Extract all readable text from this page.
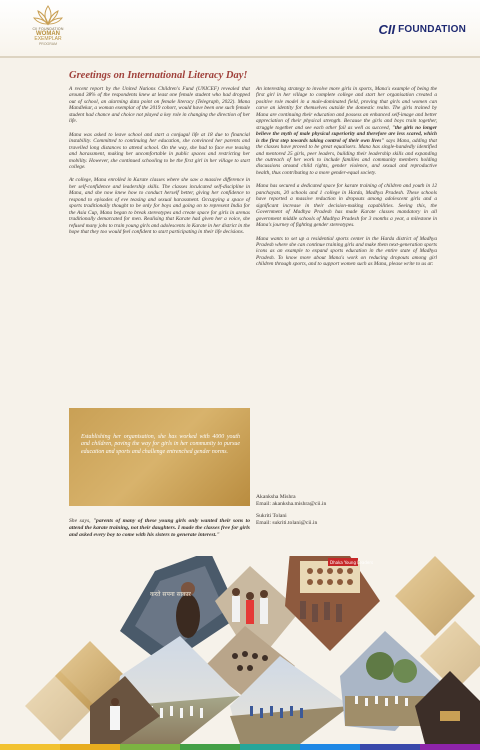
CII FOUNDATION
WOMAN
EXEMPLAR
PROGRAM
CII FOUNDATION
Greetings on International Literacy Day!

A recent report by the United Nations Children's Fund (UNICEF) revealed that around 38% of the respondents knew at least one female student who had dropped out of school, an alarming data point on female literacy (Telegraph, 2022). Mana Mandlekar, a woman exemplar of the 2019 cohort, would have been one such female student had chance and choice not played a key role in changing the direction of her life.

Mana was asked to leave school and start a conjugal life at 18 due to financial instability. Committed to continuing her education, she convinced her parents and travelled long distances to attend school. On the way, she had to face eve teasing and harassment, making her uncomfortable in public spaces and restricting her mobility. However, she continued schooling to be the first girl in her village to start college.

At college, Mana enrolled in Karate classes where she saw a massive difference in her self-confidence and leadership skills. The classes inculcated self-discipline in Mana, and she now knew how to conduct herself better, giving her confidence to respond to episodes of eve teasing and sexual harassment. Occupying a space of sports traditionally thought to be only for boys and going on to represent India for the Asia Cup, Mana began to break stereotypes and create space for girls in arenas traditionally demarcated for men. Realising that Karate had given her a voice, she refused many jobs to train young girls and adolescents in Karate in her district in the hope that they too would feel confident to start participating in their life decisions.

Establishing her organisation, she has worked with 4000 youth and children, paving the way for girls in her community to pursue education and sports and challenge entrenched gender norms.
She says, "parents of many of these young girls only wanted their sons to attend the karate training, not their daughters. I made the classes free for girls and asked every boy to come with his sisters to generate interest."

An interesting strategy to involve more girls in sports, Mana's example of being the first girl in her village to complete college and start her organisation created a positive role model in a male-dominated field, proving that girls and women can carve an identity for themselves outside the domestic realm. The girls trained by Mana are continuing their education and possess an enhanced self-image and better appreciation of their physical strength. Because the girls and boys train together, struggle together and see each other fail as well as succeed, "the girls no longer believe the myth of male physical superiority and therefore are less scared, which is the first step towards taking control of their own lives" says Mana, adding that the classes have proved to be great equalisers. Mana has single-handedly identified and mentored 25 girls, peer leaders, building their leadership skills and expanding the outreach of her work to include families and community members holding discussions around child rights, gender violence, and sexual and reproductive health, thus contributing to a more gender-equal society.

Mana has secured a dedicated space for karate training of children and youth in 12 panchayats, 20 schools and 1 college in Harda, Madhya Pradesh. These schools have reported a massive reduction in dropouts among adolescent girls and a significant increase in their decision-making capabilities. Seeing this, the Government of Madhya Pradesh has made Karate classes mandatory in all government middle schools of Madhya Pradesh for 3 months a year, a milestone in Mana's journey of fighting gender stereotypes.

Mana wants to set up a residential sports center in the Harda district of Madhya Pradesh where she can continue training girls and make them next-generation sports icons as an example to expand sports education in the entire state of Madhya Pradesh. To know more about Mana's work on reducing dropouts among girl children through sports, and to support women such as Mana, please write to us at:

Akanksha Mishra
Email: akanksha.mishra@cii.in
Sukriti Tolani
Email: sukriti.tolani@cii.in
करते सपना साकार
Dhaka Young Leaders
